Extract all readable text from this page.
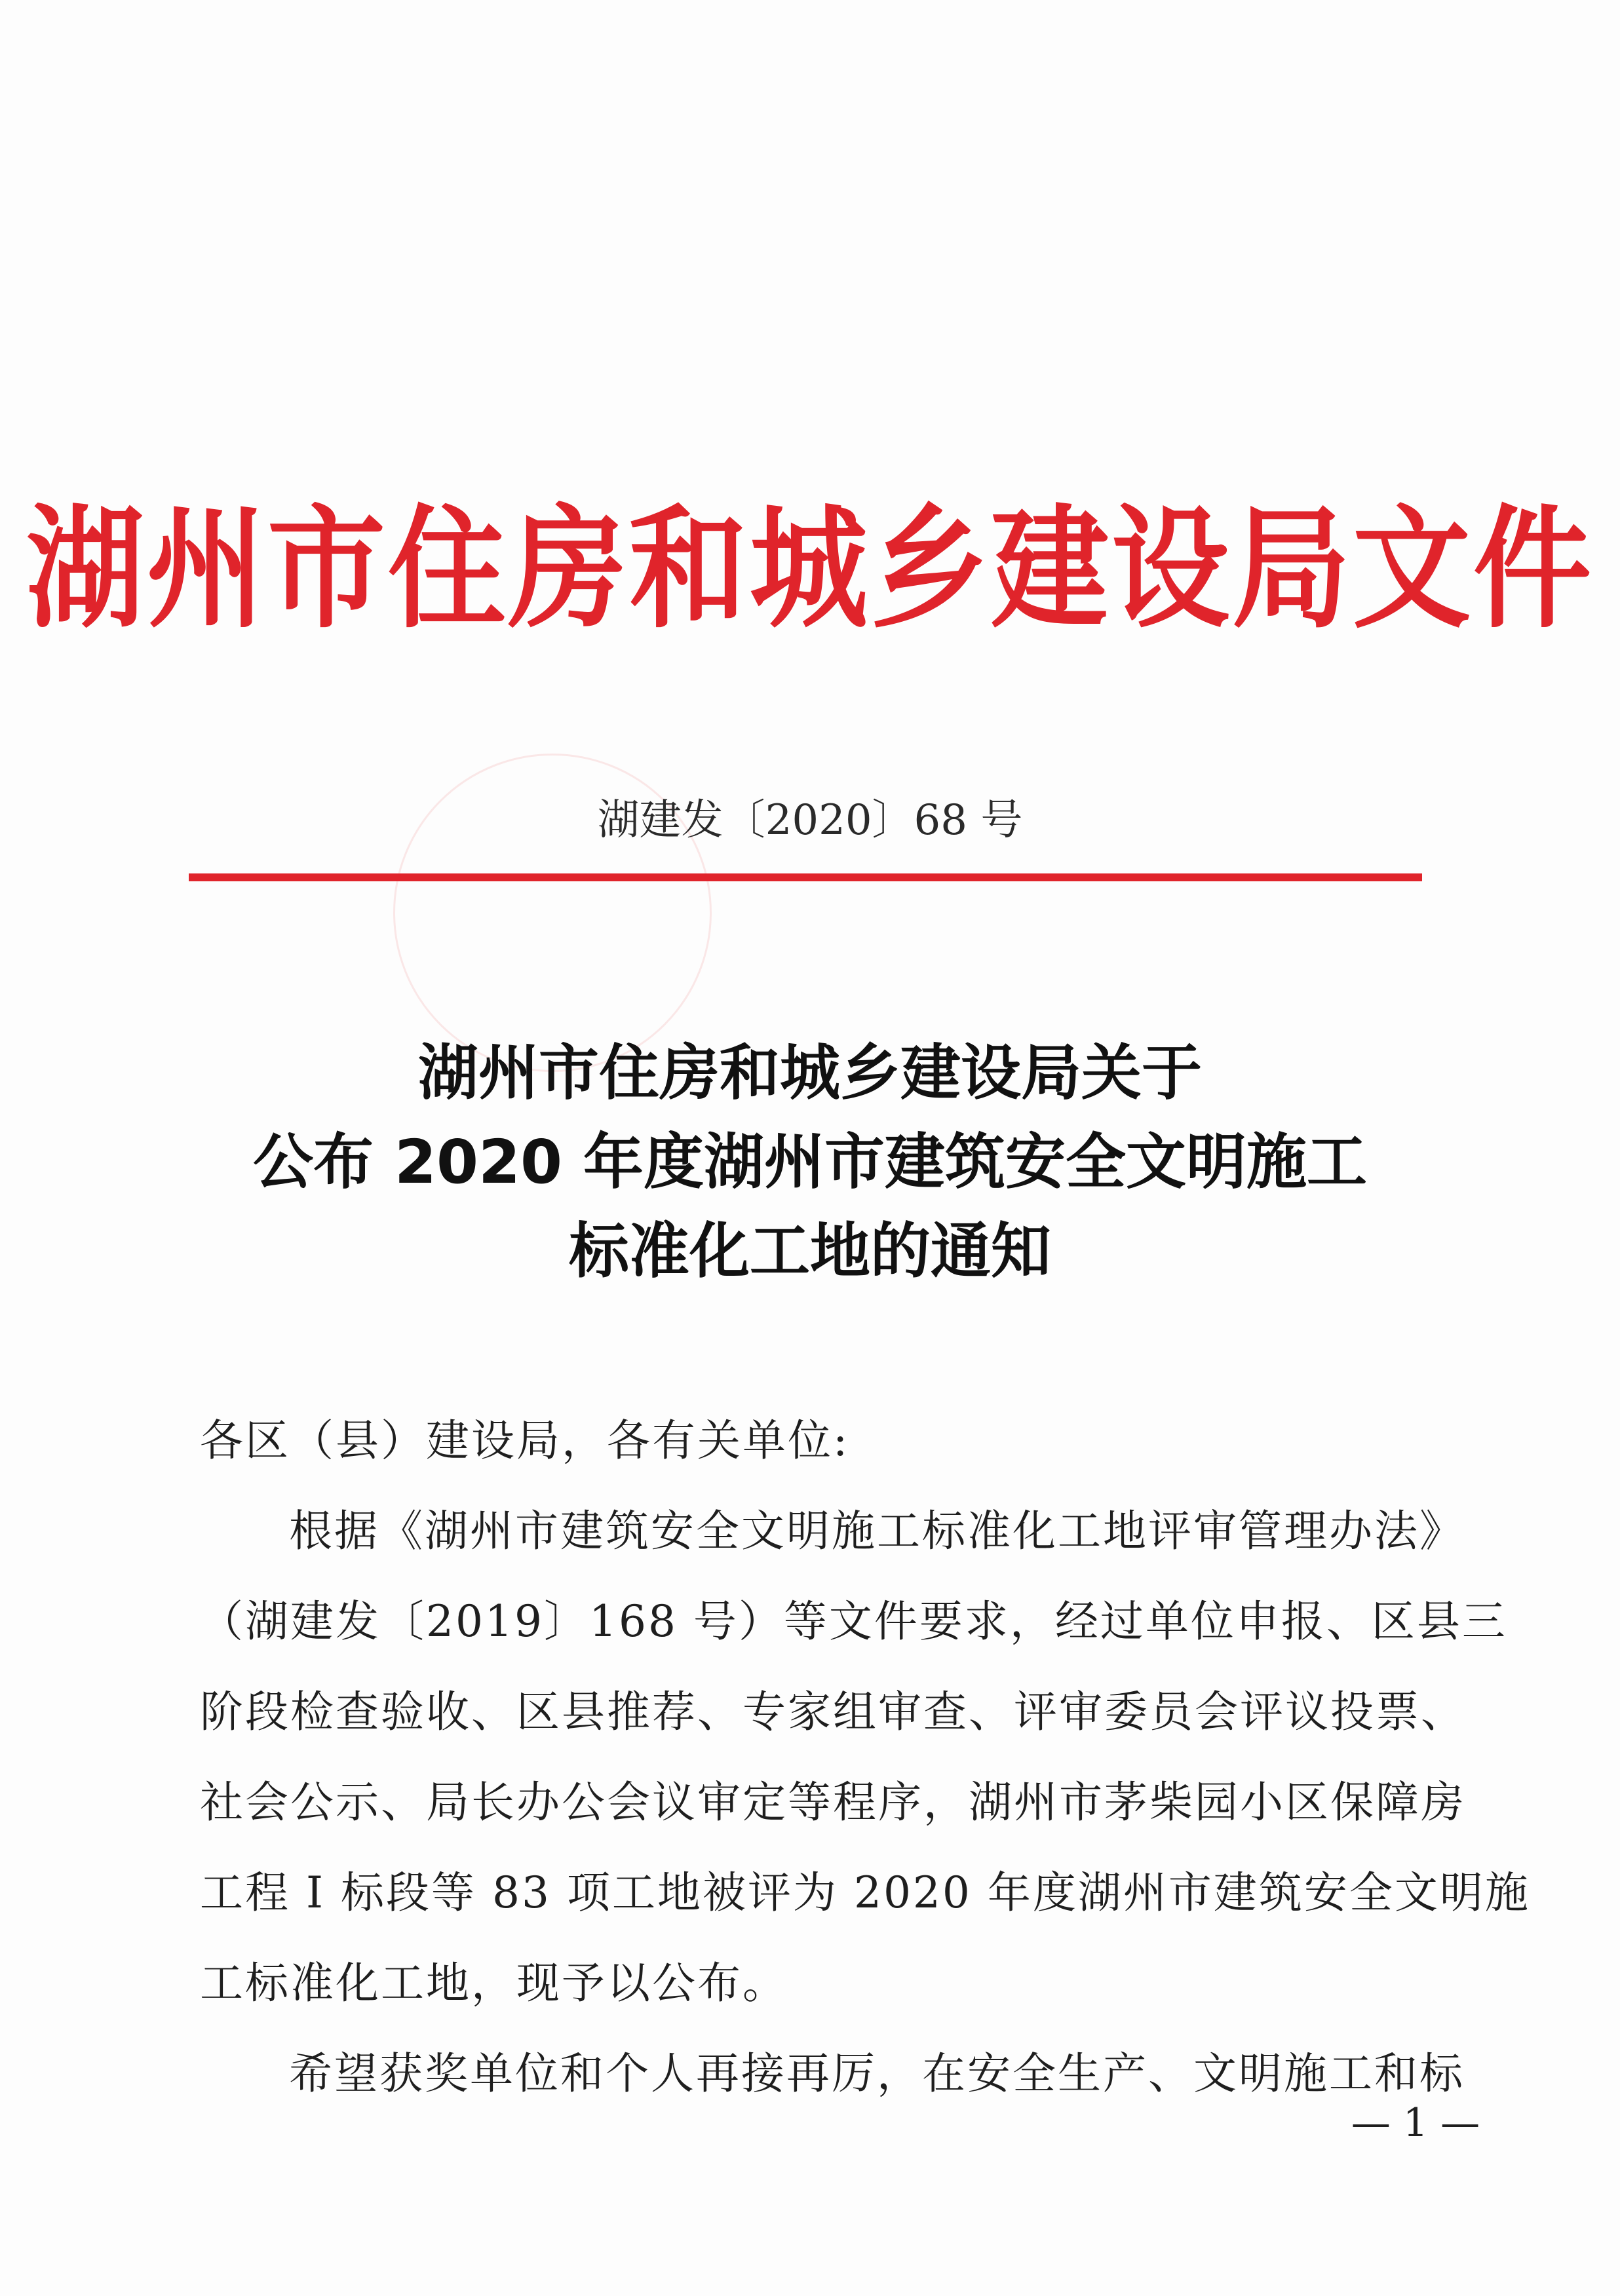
湖州市住房和城乡建设局文件
湖建发〔2020〕68 号
湖州市住房和城乡建设局关于
公布 2020 年度湖州市建筑安全文明施工
标准化工地的通知
各区（县）建设局，各有关单位:
根据《湖州市建筑安全文明施工标准化工地评审管理办法》
（湖建发〔2019〕168 号）等文件要求，经过单位申报、区县三
阶段检查验收、区县推荐、专家组审查、评审委员会评议投票、
社会公示、局长办公会议审定等程序，湖州市茅柴园小区保障房
工程 I 标段等 83 项工地被评为 2020 年度湖州市建筑安全文明施
工标准化工地，现予以公布。
希望获奖单位和个人再接再厉，在安全生产、文明施工和标
— 1 —
